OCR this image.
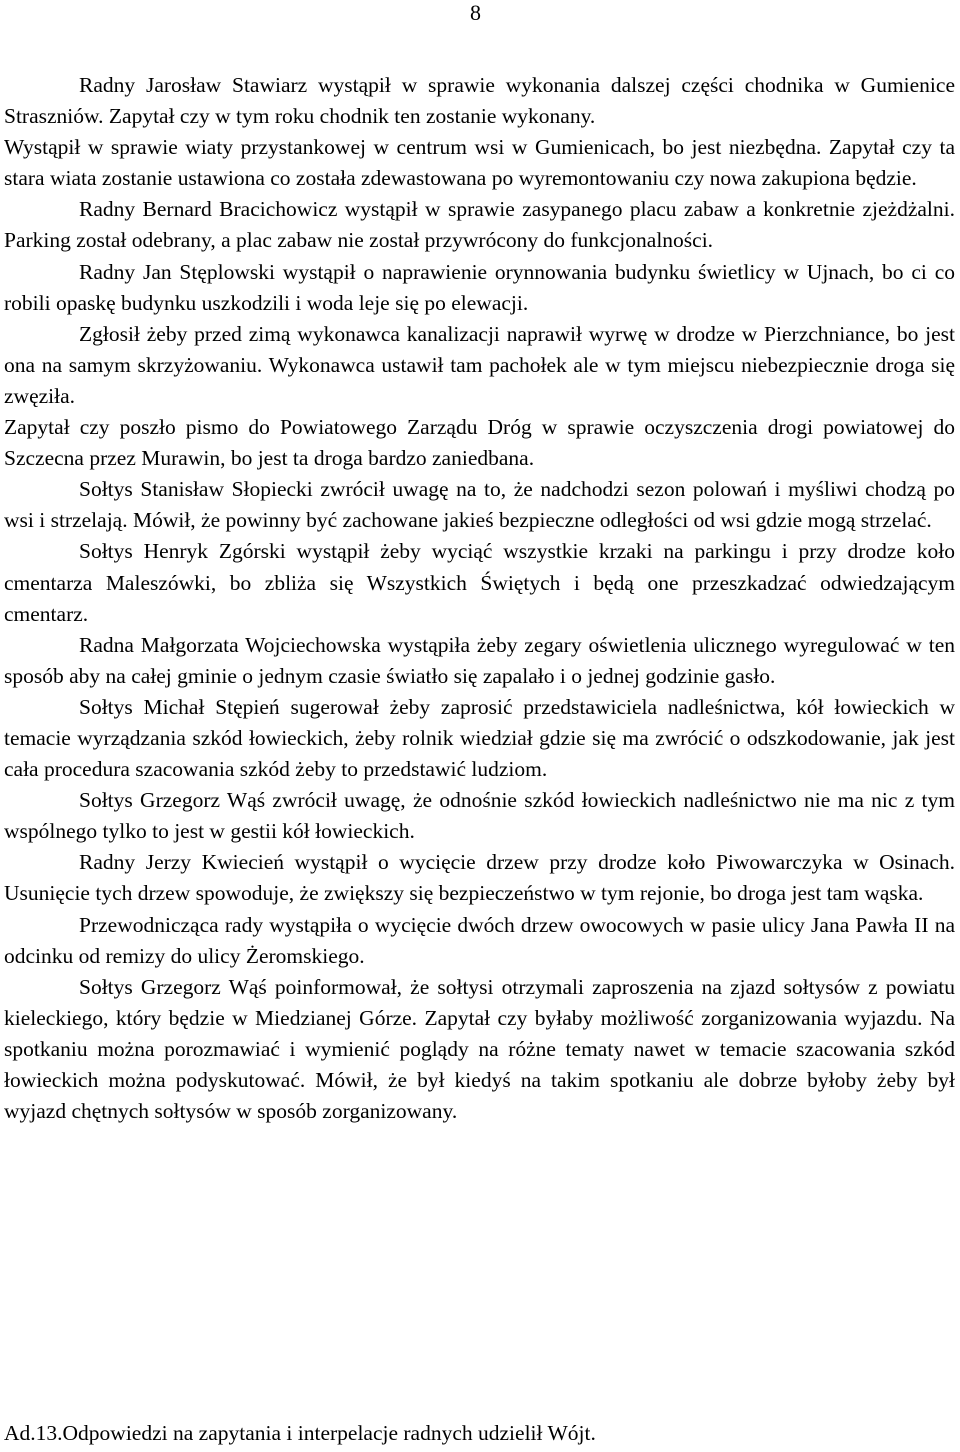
8

Radny Jarosław Stawiarz wystąpił w sprawie wykonania dalszej części chodnika w Gumienice Straszniów. Zapytał czy w tym roku chodnik ten zostanie wykonany.

Wystąpił w sprawie wiaty przystankowej w centrum wsi w Gumienicach, bo jest niezbędna. Zapytał czy ta stara wiata zostanie ustawiona co została zdewastowana po wyremontowaniu czy nowa zakupiona będzie.

Radny Bernard Bracichowicz wystąpił w sprawie zasypanego placu zabaw a konkretnie zjeżdżalni. Parking został odebrany, a plac zabaw nie został przywrócony do funkcjonalności.

Radny Jan Stęplowski wystąpił o naprawienie orynnowania budynku świetlicy w Ujnach, bo ci co robili opaskę budynku uszkodzili i woda leje się po elewacji.

Zgłosił żeby przed zimą wykonawca kanalizacji naprawił wyrwę w drodze w Pierzchniance, bo jest ona na samym skrzyżowaniu. Wykonawca ustawił tam pachołek ale w tym miejscu niebezpiecznie droga się zwęziła.

Zapytał czy poszło pismo do Powiatowego Zarządu Dróg w sprawie oczyszczenia drogi powiatowej do Szczecna przez Murawin, bo jest ta droga bardzo zaniedbana.

Sołtys Stanisław Słopiecki zwrócił uwagę na to, że nadchodzi sezon polowań i myśliwi chodzą po wsi i strzelają. Mówił, że powinny być zachowane jakieś bezpieczne odległości od wsi gdzie mogą strzelać.

Sołtys Henryk Zgórski wystąpił żeby wyciąć wszystkie krzaki na parkingu i przy drodze koło cmentarza Maleszówki, bo zbliża się Wszystkich Świętych i będą one przeszkadzać odwiedzającym cmentarz.

Radna Małgorzata Wojciechowska wystąpiła żeby zegary oświetlenia ulicznego wyregulować w ten sposób aby na całej gminie o jednym czasie światło się zapalało i o jednej godzinie gasło.

Sołtys Michał Stępień sugerował żeby zaprosić przedstawiciela nadleśnictwa, kół łowieckich w temacie wyrządzania szkód łowieckich, żeby rolnik wiedział gdzie się ma zwrócić o odszkodowanie, jak jest cała procedura szacowania szkód żeby to przedstawić ludziom.

Sołtys Grzegorz Wąś zwrócił uwagę, że odnośnie szkód łowieckich nadleśnictwo nie ma nic z tym wspólnego tylko to jest w gestii kół łowieckich.

Radny Jerzy Kwiecień wystąpił o wycięcie drzew przy drodze koło Piwowarczyka w Osinach. Usunięcie tych drzew spowoduje, że zwiększy się bezpieczeństwo w tym rejonie, bo droga jest tam wąska.

Przewodnicząca rady wystąpiła o wycięcie dwóch drzew owocowych w pasie ulicy Jana Pawła II na odcinku od remizy do ulicy Żeromskiego.

Sołtys Grzegorz Wąś poinformował, że sołtysi otrzymali zaproszenia na zjazd sołtysów z powiatu kieleckiego, który będzie w Miedzianej Górze. Zapytał czy byłaby możliwość zorganizowania wyjazdu. Na spotkaniu można porozmawiać i wymienić poglądy na różne tematy nawet w temacie szacowania szkód łowieckich można podyskutować. Mówił, że był kiedyś na takim spotkaniu ale dobrze byłoby żeby był wyjazd chętnych sołtysów w sposób zorganizowany.

Ad.13.Odpowiedzi na zapytania i interpelacje radnych udzielił Wójt.
